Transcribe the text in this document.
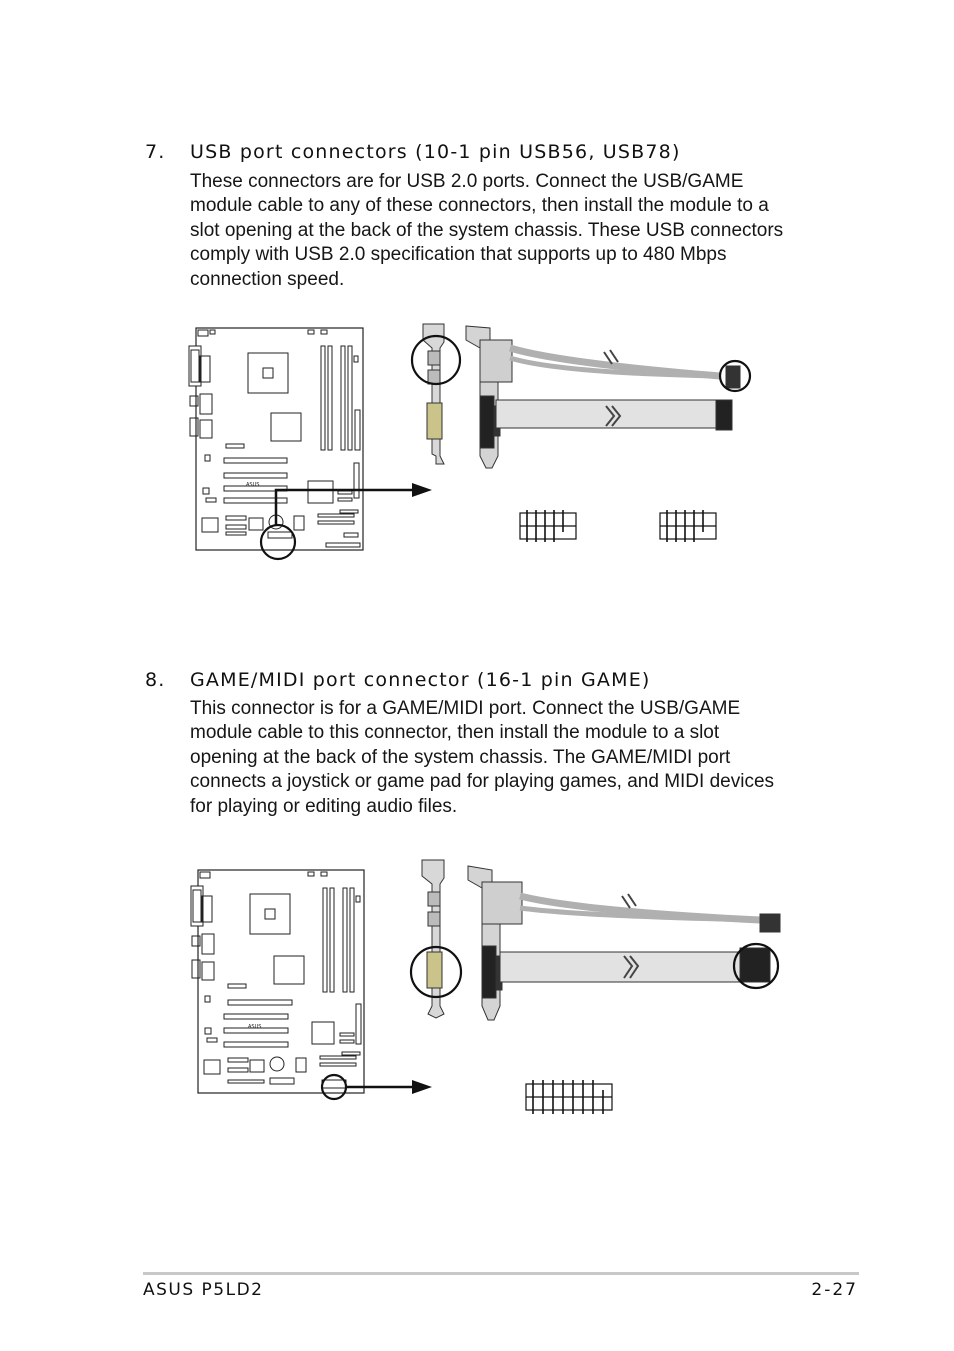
7. USB port connectors (10-1 pin USB56, USB78)
These connectors are for USB 2.0 ports. Connect the USB/GAME
module cable to any of these connectors, then install the module to a
slot opening at the back of the system chassis. These USB connectors
comply with USB 2.0 specification that supports up to 480 Mbps
connection speed.
ASUS
8. GAME/MIDI port connector (16-1 pin GAME)
This connector is for a GAME/MIDI port. Connect the USB/GAME
module cable to this connector, then install the module to a slot
opening at the back of the system chassis. The GAME/MIDI port
connects a joystick or game pad for playing games, and MIDI devices
for playing or editing audio files.
ASUS
ASUS P5LD2	2-27
